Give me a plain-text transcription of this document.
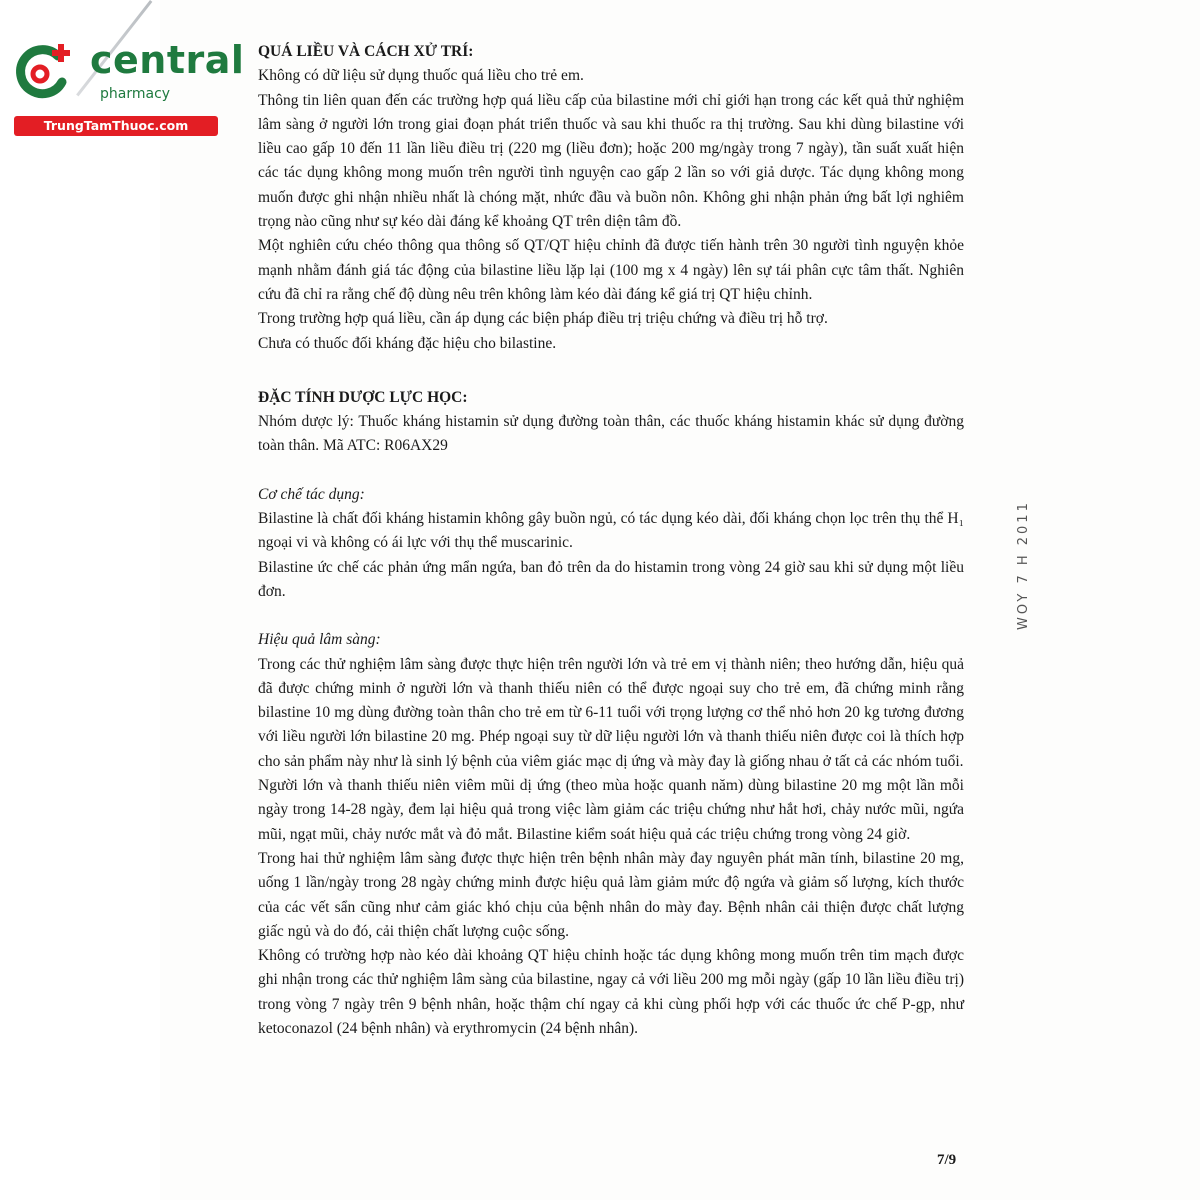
central
pharmacy
TrungTamThuoc.com
WOY 7 H 2011

QUÁ LIỀU VÀ CÁCH XỬ TRÍ:

Không có dữ liệu sử dụng thuốc quá liều cho trẻ em.

Thông tin liên quan đến các trường hợp quá liều cấp của bilastine mới chỉ giới hạn trong các kết quả thử nghiệm lâm sàng ở người lớn trong giai đoạn phát triển thuốc và sau khi thuốc ra thị trường. Sau khi dùng bilastine với liều cao gấp 10 đến 11 lần liều điều trị (220 mg (liều đơn); hoặc 200 mg/ngày trong 7 ngày), tần suất xuất hiện các tác dụng không mong muốn trên người tình nguyện cao gấp 2 lần so với giả dược. Tác dụng không mong muốn được ghi nhận nhiều nhất là chóng mặt, nhức đầu và buồn nôn. Không ghi nhận phản ứng bất lợi nghiêm trọng nào cũng như sự kéo dài đáng kể khoảng QT trên diện tâm đồ.

Một nghiên cứu chéo thông qua thông số QT/QT hiệu chỉnh đã được tiến hành trên 30 người tình nguyện khỏe mạnh nhằm đánh giá tác động của bilastine liều lặp lại (100 mg x 4 ngày) lên sự tái phân cực tâm thất. Nghiên cứu đã chỉ ra rằng chế độ dùng nêu trên không làm kéo dài đáng kể giá trị QT hiệu chỉnh.

Trong trường hợp quá liều, cần áp dụng các biện pháp điều trị triệu chứng và điều trị hỗ trợ.

Chưa có thuốc đối kháng đặc hiệu cho bilastine.

ĐẶC TÍNH DƯỢC LỰC HỌC:

Nhóm dược lý: Thuốc kháng histamin sử dụng đường toàn thân, các thuốc kháng histamin khác sử dụng đường toàn thân. Mã ATC: R06AX29

Cơ chế tác dụng:

Bilastine là chất đối kháng histamin không gây buồn ngủ, có tác dụng kéo dài, đối kháng chọn lọc trên thụ thể H₁ ngoại vi và không có ái lực với thụ thể muscarinic.

Bilastine ức chế các phản ứng mẩn ngứa, ban đỏ trên da do histamin trong vòng 24 giờ sau khi sử dụng một liều đơn.

Hiệu quả lâm sàng:

Trong các thử nghiệm lâm sàng được thực hiện trên người lớn và trẻ em vị thành niên; theo hướng dẫn, hiệu quả đã được chứng minh ở người lớn và thanh thiếu niên có thể được ngoại suy cho trẻ em, đã chứng minh rằng bilastine 10 mg dùng đường toàn thân cho trẻ em từ 6-11 tuổi với trọng lượng cơ thể nhỏ hơn 20 kg tương đương với liều người lớn bilastine 20 mg. Phép ngoại suy từ dữ liệu người lớn và thanh thiếu niên được coi là thích hợp cho sản phẩm này như là sinh lý bệnh của viêm giác mạc dị ứng và mày đay là giống nhau ở tất cả các nhóm tuổi.

Người lớn và thanh thiếu niên viêm mũi dị ứng (theo mùa hoặc quanh năm) dùng bilastine 20 mg một lần mỗi ngày trong 14-28 ngày, đem lại hiệu quả trong việc làm giảm các triệu chứng như hắt hơi, chảy nước mũi, ngứa mũi, ngạt mũi, chảy nước mắt và đỏ mắt. Bilastine kiểm soát hiệu quả các triệu chứng trong vòng 24 giờ.

Trong hai thử nghiệm lâm sàng được thực hiện trên bệnh nhân mày đay nguyên phát mãn tính, bilastine 20 mg, uống 1 lần/ngày trong 28 ngày chứng minh được hiệu quả làm giảm mức độ ngứa và giảm số lượng, kích thước của các vết sẩn cũng như cảm giác khó chịu của bệnh nhân do mày đay. Bệnh nhân cải thiện được chất lượng giấc ngủ và do đó, cải thiện chất lượng cuộc sống.

Không có trường hợp nào kéo dài khoảng QT hiệu chỉnh hoặc tác dụng không mong muốn trên tim mạch được ghi nhận trong các thử nghiệm lâm sàng của bilastine, ngay cả với liều 200 mg mỗi ngày (gấp 10 lần liều điều trị) trong vòng 7 ngày trên 9 bệnh nhân, hoặc thậm chí ngay cả khi cùng phối hợp với các thuốc ức chế P-gp, như ketoconazol (24 bệnh nhân) và erythromycin (24 bệnh nhân).

7/9
